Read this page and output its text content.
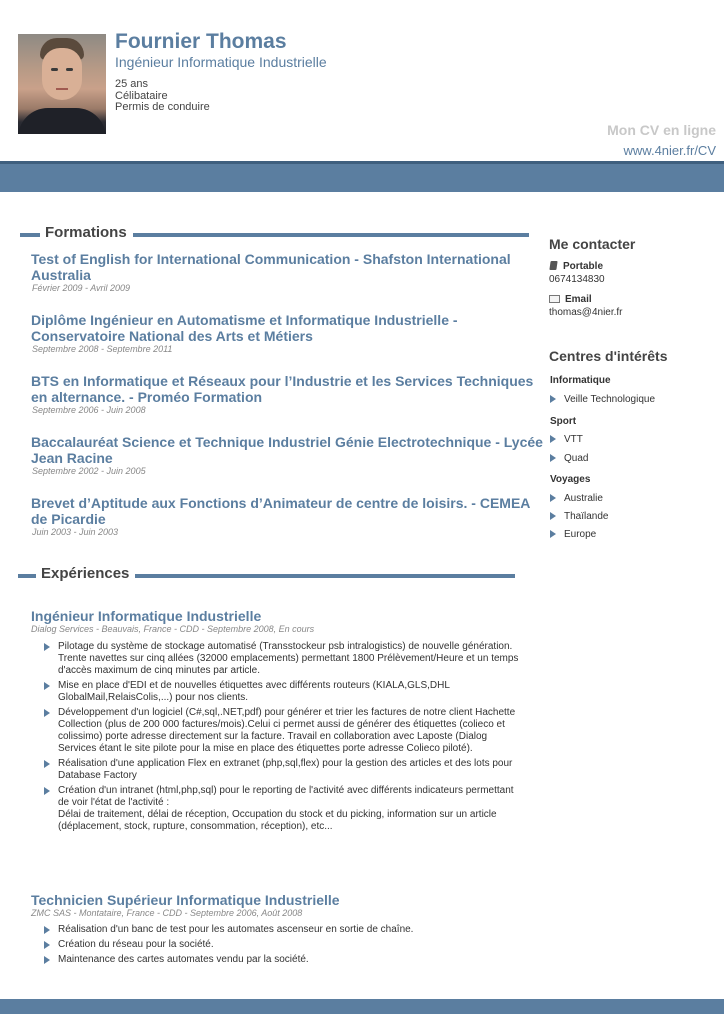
Fournier Thomas
Ingénieur Informatique Industrielle
25 ans
Célibataire
Permis de conduire
Mon CV en ligne
www.4nier.fr/CV
Formations
Test of English for International Communication - Shafston International Australia
Février 2009 - Avril 2009
Diplôme Ingénieur en Automatisme et Informatique Industrielle - Conservatoire National des Arts et Métiers
Septembre 2008 - Septembre 2011
BTS en Informatique et Réseaux pour l’Industrie et les Services Techniques en alternance. - Proméo Formation
Septembre 2006 - Juin 2008
Baccalauréat Science et Technique Industriel Génie Electrotechnique - Lycée Jean Racine
Septembre 2002 - Juin 2005
Brevet d’Aptitude aux Fonctions d’Animateur de centre de loisirs. - CEMEA de Picardie
Juin 2003 - Juin 2003
Expériences
Ingénieur Informatique Industrielle
Dialog Services - Beauvais, France - CDD - Septembre 2008, En cours
Pilotage du système de stockage automatisé (Transstockeur psb intralogistics) de nouvelle génération. Trente navettes sur cinq allées (32000 emplacements) permettant 1800 Prélèvement/Heure et un temps d'accès maximum de cinq minutes par article.
Mise en place d'EDI et de nouvelles étiquettes avec différents routeurs (KIALA,GLS,DHL GlobalMail,RelaisColis,...) pour nos clients.
Développement d'un logiciel (C#,sql,.NET,pdf) pour générer et trier les factures de notre client Hachette Collection (plus de 200 000 factures/mois).Celui ci permet aussi de générer des étiquettes (colieco et colissimo) porte adresse directement sur la facture. Travail en collaboration avec Laposte (Dialog Services étant le site pilote pour la mise en place des étiquettes porte adresse Colieco piloté).
Réalisation d'une application Flex en extranet (php,sql,flex) pour la gestion des articles et des lots pour Database Factory
Création d'un intranet (html,php,sql) pour le reporting de l'activité avec différents indicateurs permettant de voir l'état de l'activité :
Délai de traitement, délai de réception, Occupation du stock et du picking, information sur un article (déplacement, stock, rupture, consommation, réception), etc...
Technicien Supérieur Informatique Industrielle
ZMC SAS - Montataire, France - CDD - Septembre 2006, Août 2008
Réalisation d'un banc de test pour les automates ascenseur en sortie de chaîne.
Création du réseau pour la société.
Maintenance des cartes automates vendu par la société.
Me contacter
Portable
0674134830
Email
thomas@4nier.fr
Centres d'intérêts
Informatique
Veille Technologique
Sport
VTT
Quad
Voyages
Australie
Thaïlande
Europe
